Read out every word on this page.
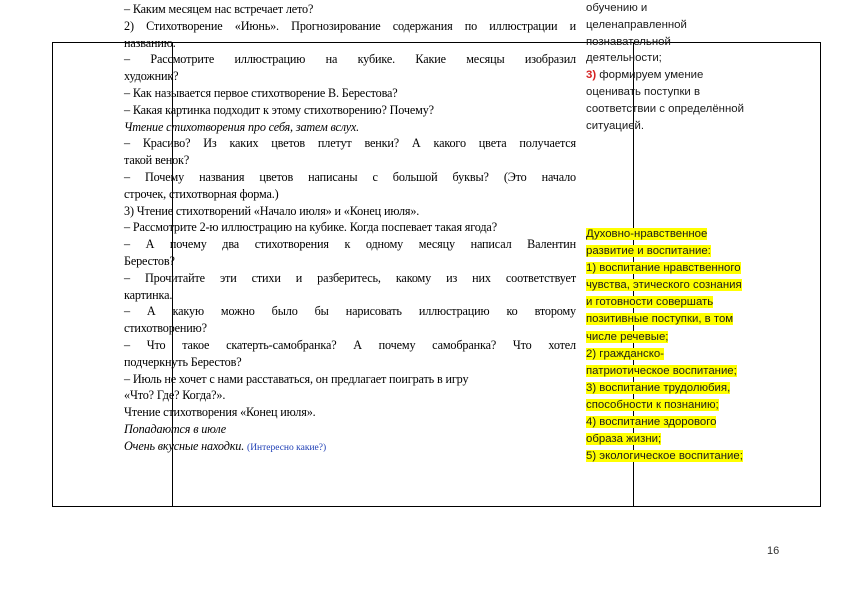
– Каким месяцем нас встречает лето?
2) Стихотворение «Июнь». Прогнозирование содержания по иллюстрации и
названию.
– Рассмотрите иллюстрацию на кубике. Какие месяцы изобразил
художник?
– Как называется первое стихотворение В. Берестова?
– Какая картинка подходит к этому стихотворению? Почему?
Чтение стихотворения про себя, затем вслух.
– Красиво? Из каких цветов плетут венки? А какого цвета получается
такой венок?
– Почему названия цветов написаны с большой буквы? (Это начало
строчек, стихотворная форма.)
3) Чтение стихотворений «Начало июля» и «Конец июля».
– Рассмотрите 2-ю иллюстрацию на кубике. Когда поспевает такая ягода?
– А почему два стихотворения к одному месяцу написал Валентин
Берестов?
– Прочитайте эти стихи и разберитесь, какому из них соответствует
картинка.
– А какую можно было бы нарисовать иллюстрацию ко второму
стихотворению?
– Что такое скатерть-самобранка? А почему самобранка? Что хотел
подчеркнуть Берестов?
– Июль не хочет с нами расставаться, он предлагает поиграть в игру
«Что? Где? Когда?».
Чтение стихотворения «Конец июля».
Попадаются в июле
Очень вкусные находки. (Интересно какие?)
обучению и
целенаправленной
познавательной
деятельности;
3) формируем умение
оценивать поступки в
соответствии с определённой
ситуацией.
Духовно-нравственное
развитие и воспитание:
1) воспитание нравственного
чувства, этического сознания
и готовности совершать
позитивные поступки, в том
числе речевые;
2) гражданско-
патриотическое воспитание;
3) воспитание трудолюбия,
способности к познанию;
4) воспитание здорового
образа жизни;
5) экологическое воспитание;
16
